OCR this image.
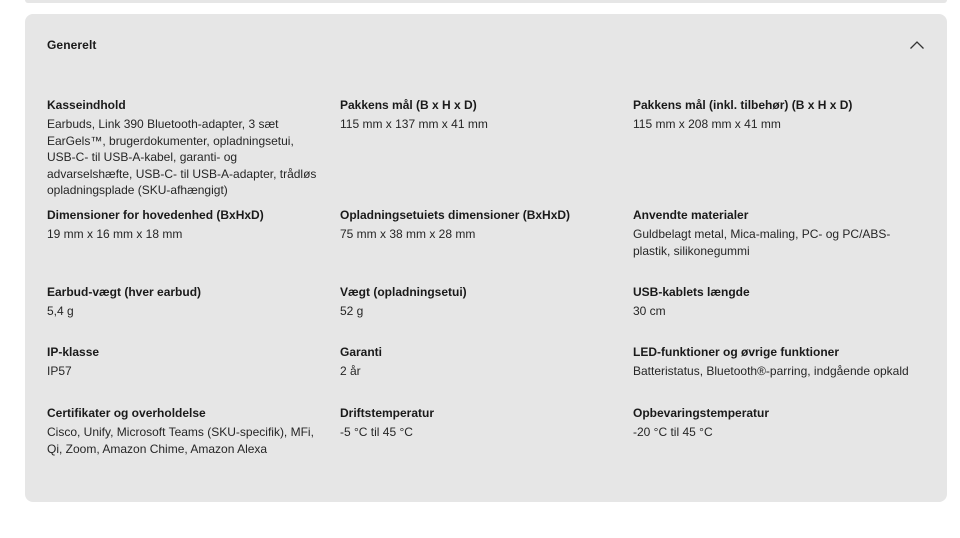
Generelt
Kasseindhold
Earbuds, Link 390 Bluetooth-adapter, 3 sæt EarGels™, brugerdokumenter, opladningsetui, USB-C- til USB-A-kabel, garanti- og advarselshæfte, USB-C- til USB-A-adapter, trådløs opladningsplade (SKU-afhængigt)
Pakkens mål (B x H x D)
115 mm x 137 mm x 41 mm
Pakkens mål (inkl. tilbehør) (B x H x D)
115 mm x 208 mm x 41 mm
Dimensioner for hovedenhed (BxHxD)
19 mm x 16 mm x 18 mm
Opladningsetuiets dimensioner (BxHxD)
75 mm x 38 mm x 28 mm
Anvendte materialer
Guldbelagt metal, Mica-maling, PC- og PC/ABS-plastik, silikonegummi
Earbud-vægt (hver earbud)
5,4 g
Vægt (opladningsetui)
52 g
USB-kablets længde
30 cm
IP-klasse
IP57
Garanti
2 år
LED-funktioner og øvrige funktioner
Batteristatus, Bluetooth®-parring, indgående opkald
Certifikater og overholdelse
Cisco, Unify, Microsoft Teams (SKU-specifik), MFi, Qi, Zoom, Amazon Chime, Amazon Alexa
Driftstemperatur
-5 °C til 45 °C
Opbevaringstemperatur
-20 °C til 45 °C
